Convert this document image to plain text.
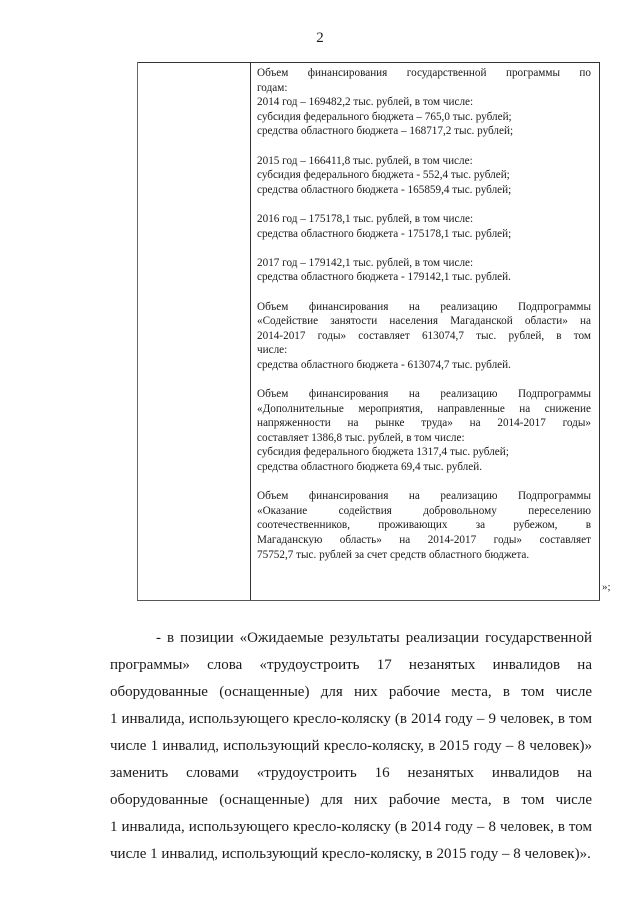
2
Объем финансирования государственной программы по
годам:
2014 год – 169482,2 тыс. рублей, в том числе:
субсидия федерального бюджета – 765,0 тыс. рублей;
средства областного бюджета – 168717,2 тыс. рублей;
2015 год – 166411,8 тыс. рублей, в том числе:
субсидия федерального бюджета - 552,4 тыс. рублей;
средства областного бюджета - 165859,4 тыс. рублей;
2016 год – 175178,1 тыс. рублей, в том числе:
средства областного бюджета - 175178,1 тыс. рублей;
2017 год – 179142,1 тыс. рублей, в том числе:
средства областного бюджета - 179142,1 тыс. рублей.
Объем финансирования на реализацию Подпрограммы
«Содействие занятости населения Магаданской области» на
2014-2017 годы» составляет 613074,7 тыс. рублей, в том
числе:
средства областного бюджета - 613074,7 тыс. рублей.
Объем финансирования на реализацию Подпрограммы
«Дополнительные мероприятия, направленные на снижение
напряженности на рынке труда» на 2014-2017 годы»
составляет 1386,8 тыс. рублей, в том числе:
субсидия федерального бюджета 1317,4 тыс. рублей;
средства областного бюджета 69,4 тыс. рублей.
Объем финансирования на реализацию Подпрограммы
«Оказание содействия добровольному переселению
соотечественников, проживающих за рубежом, в
Магаданскую область» на 2014-2017 годы» составляет
75752,7 тыс. рублей за счет средств областного бюджета.
»;
- в позиции «Ожидаемые результаты реализации государственной
программы» слова «трудоустроить 17 незанятых инвалидов на
оборудованные (оснащенные) для них рабочие места, в том числе
1 инвалида, использующего кресло-коляску (в 2014 году – 9 человек, в том
числе 1 инвалид, использующий кресло-коляску, в 2015 году – 8 человек)»
заменить словами «трудоустроить 16 незанятых инвалидов на
оборудованные (оснащенные) для них рабочие места, в том числе
1 инвалида, использующего кресло-коляску (в 2014 году – 8 человек, в том
числе 1 инвалид, использующий кресло-коляску, в 2015 году – 8 человек)».
